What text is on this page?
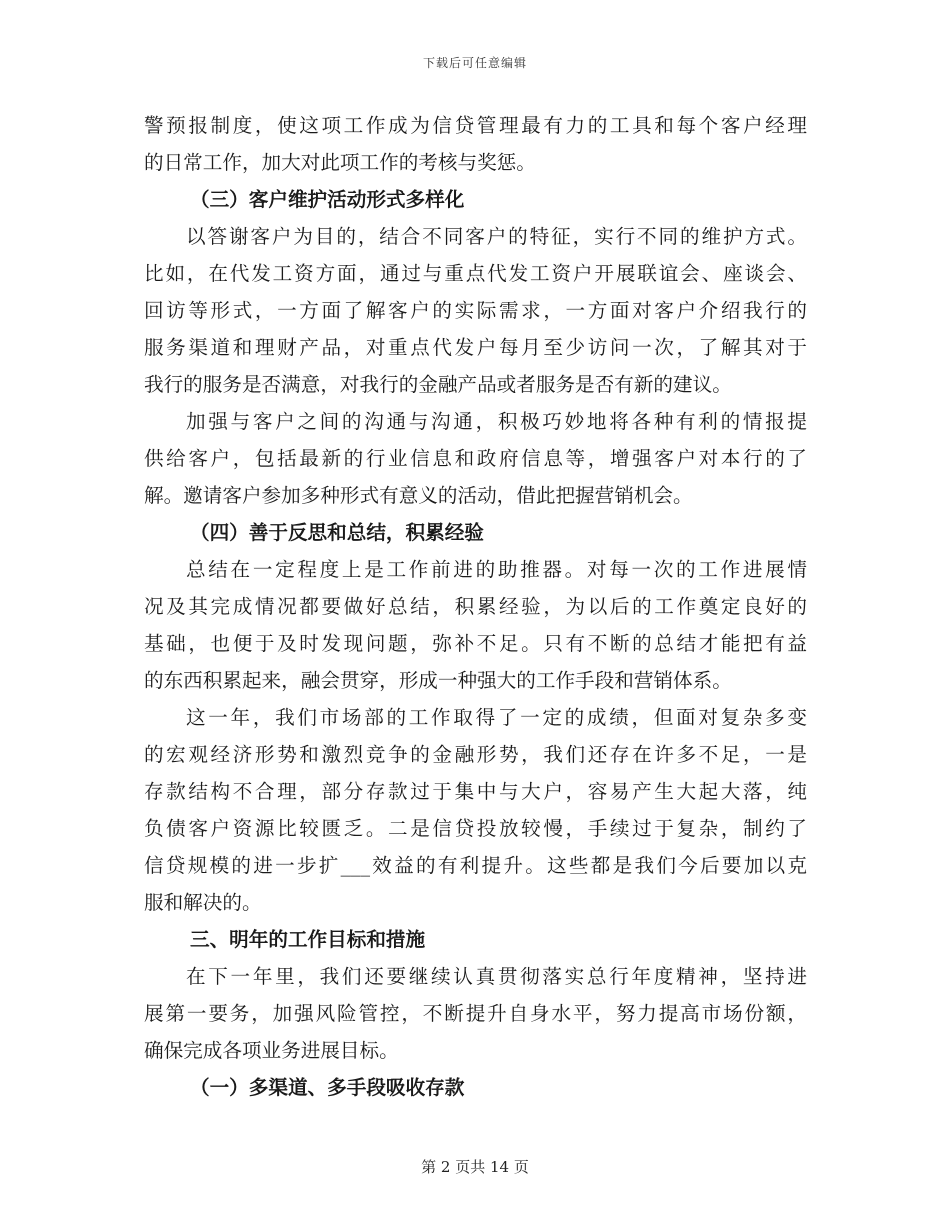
下载后可任意编辑
警预报制度，使这项工作成为信贷管理最有力的工具和每个客户经理
的日常工作，加大对此项工作的考核与奖惩。
（三）客户维护活动形式多样化
以答谢客户为目的，结合不同客户的特征，实行不同的维护方式。
比如，在代发工资方面，通过与重点代发工资户开展联谊会、座谈会、
回访等形式，一方面了解客户的实际需求，一方面对客户介绍我行的
服务渠道和理财产品，对重点代发户每月至少访问一次，了解其对于
我行的服务是否满意，对我行的金融产品或者服务是否有新的建议。
加强与客户之间的沟通与沟通，积极巧妙地将各种有利的情报提
供给客户，包括最新的行业信息和政府信息等，增强客户对本行的了
解。邀请客户参加多种形式有意义的活动，借此把握营销机会。
（四）善于反思和总结，积累经验
总结在一定程度上是工作前进的助推器。对每一次的工作进展情
况及其完成情况都要做好总结，积累经验，为以后的工作奠定良好的
基础，也便于及时发现问题，弥补不足。只有不断的总结才能把有益
的东西积累起来，融会贯穿，形成一种强大的工作手段和营销体系。
这一年，我们市场部的工作取得了一定的成绩，但面对复杂多变
的宏观经济形势和激烈竞争的金融形势，我们还存在许多不足，一是
存款结构不合理，部分存款过于集中与大户，容易产生大起大落，纯
负债客户资源比较匮乏。二是信贷投放较慢，手续过于复杂，制约了
信贷规模的进一步扩___效益的有利提升。这些都是我们今后要加以克
服和解决的。
三、明年的工作目标和措施
在下一年里，我们还要继续认真贯彻落实总行年度精神，坚持进
展第一要务，加强风险管控，不断提升自身水平，努力提高市场份额，
确保完成各项业务进展目标。
（一）多渠道、多手段吸收存款
第 2 页共 14 页
